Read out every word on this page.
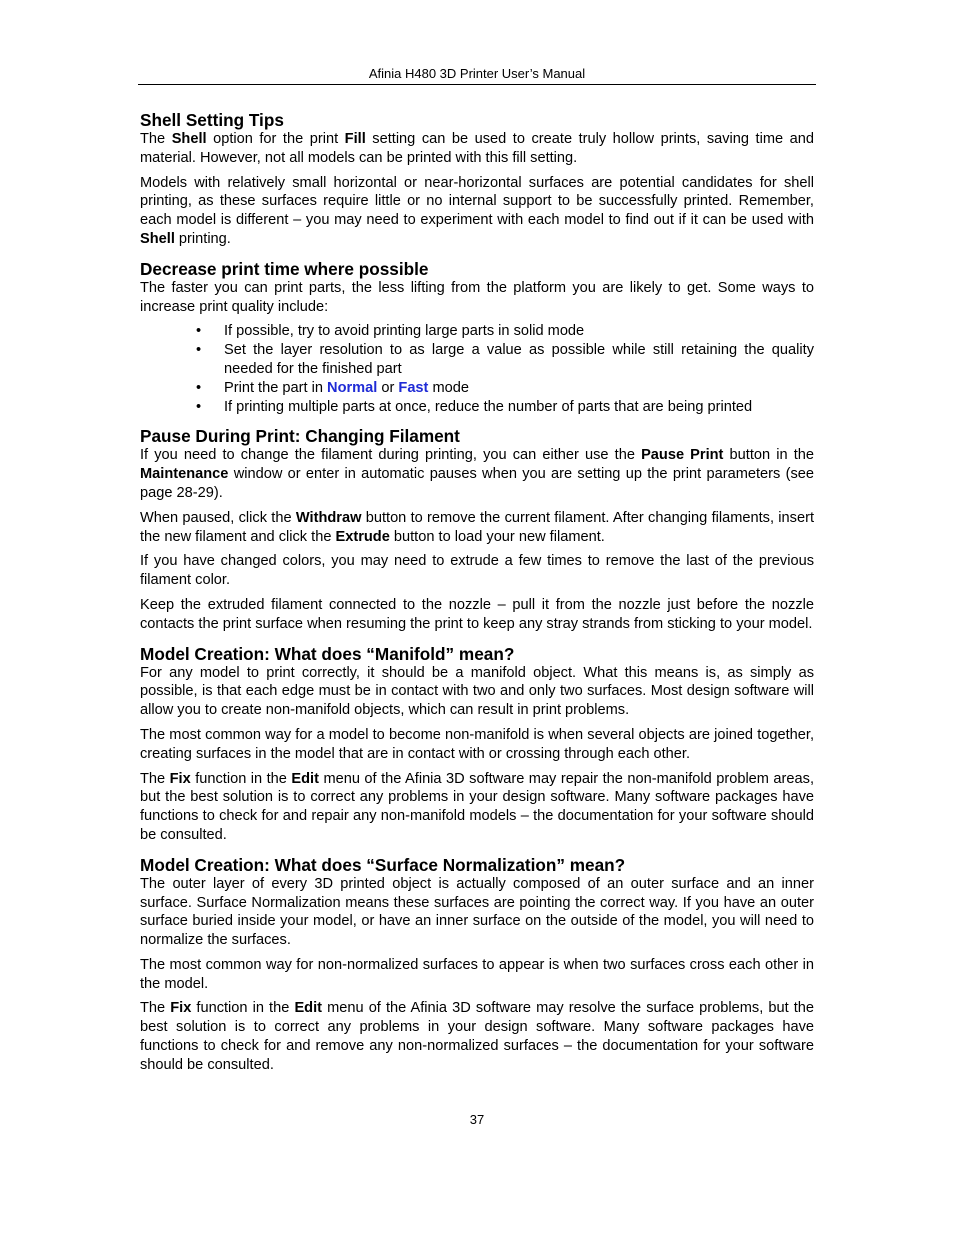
Afinia H480 3D Printer User’s Manual
Shell Setting Tips

The Shell option for the print Fill setting can be used to create truly hollow prints, saving time and material. However, not all models can be printed with this fill setting.

Models with relatively small horizontal or near-horizontal surfaces are potential candidates for shell printing, as these surfaces require little or no internal support to be successfully printed. Remember, each model is different – you may need to experiment with each model to find out if it can be used with Shell printing.

Decrease print time where possible

The faster you can print parts, the less lifting from the platform you are likely to get. Some ways to increase print quality include:

• If possible, try to avoid printing large parts in solid mode
• Set the layer resolution to as large a value as possible while still retaining the quality needed for the finished part
• Print the part in Normal or Fast mode
• If printing multiple parts at once, reduce the number of parts that are being printed
Pause During Print: Changing Filament

If you need to change the filament during printing, you can either use the Pause Print button in the Maintenance window or enter in automatic pauses when you are setting up the print parameters (see page 28-29).

When paused, click the Withdraw button to remove the current filament. After changing filaments, insert the new filament and click the Extrude button to load your new filament.

If you have changed colors, you may need to extrude a few times to remove the last of the previous filament color.

Keep the extruded filament connected to the nozzle – pull it from the nozzle just before the nozzle contacts the print surface when resuming the print to keep any stray strands from sticking to your model.

Model Creation: What does “Manifold” mean?

For any model to print correctly, it should be a manifold object. What this means is, as simply as possible, is that each edge must be in contact with two and only two surfaces. Most design software will allow you to create non-manifold objects, which can result in print problems.

The most common way for a model to become non-manifold is when several objects are joined together, creating surfaces in the model that are in contact with or crossing through each other.

The Fix function in the Edit menu of the Afinia 3D software may repair the non-manifold problem areas, but the best solution is to correct any problems in your design software. Many software packages have functions to check for and repair any non-manifold models – the documentation for your software should be consulted.

Model Creation: What does “Surface Normalization” mean?

The outer layer of every 3D printed object is actually composed of an outer surface and an inner surface. Surface Normalization means these surfaces are pointing the correct way. If you have an outer surface buried inside your model, or have an inner surface on the outside of the model, you will need to normalize the surfaces.

The most common way for non-normalized surfaces to appear is when two surfaces cross each other in the model.

The Fix function in the Edit menu of the Afinia 3D software may resolve the surface problems, but the best solution is to correct any problems in your design software. Many software packages have functions to check for and remove any non-normalized surfaces – the documentation for your software should be consulted.

37
